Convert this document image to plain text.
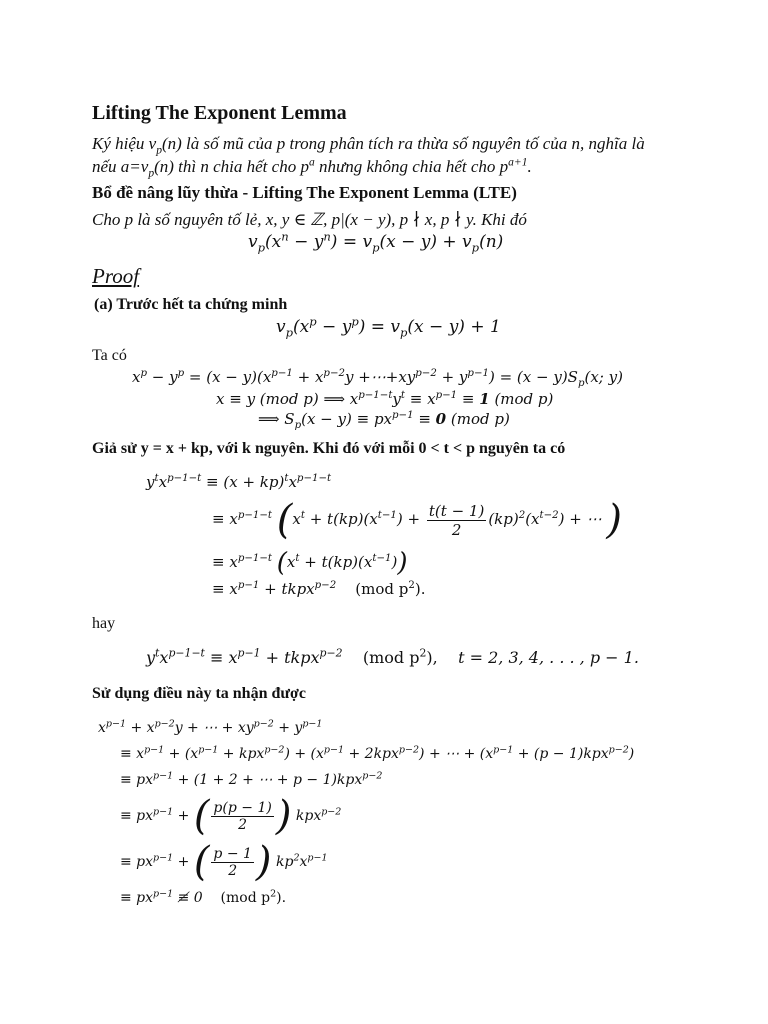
Lifting The Exponent Lemma
Ký hiệu $v_p(n)$ là số mũ của p trong phân tích ra thừa số nguyên tố của n, nghĩa là
nếu $a=v_p(n)$ thì n chia hết cho $p^a$ nhưng không chia hết cho $p^{a+1}$.
Bổ đề nâng lũy thừa - Lifting The Exponent Lemma (LTE)
Cho p là số nguyên tố lẻ, x, y ∈ ℤ, p|(x − y), p ∤ x, p ∤ y. Khi đó
$v_p(x^n - y^n) = v_p(x - y) + v_p(n)$
Proof
(a) Trước hết ta chứng minh
$v_p(x^p - y^p) = v_p(x - y) + 1$
Ta có
$x^p - y^p = (x - y)(x^{p-1} + x^{p-2}y$ $+\cdots+xy^{p-2} + y^{p-1}) = (x - y)S_p(x$; y)
x ≡ y (mod p) ⟹ $x^{p-1-t}y^t \equiv x^{p-1} \equiv 1$ (mod p)
⟹ $S_p(x - y) \equiv px^{p-1} \equiv 0$ (mod p)
Giả sử y = x + kp, với k nguyên. Khi đó với mỗi 0 < t < p nguyên ta có
$y^tx^{p-1-t} \equiv (x + kp)^tx^{p-1-t}$
≡ $x^{p-1-t}$ ($x^t + t(kp)(x^{t-1}) + \frac{t(t - 1)}{2} (kp)^2(x^{t-2})$ + ⋯ )
≡ $x^{p-1-t}$ $(x^t + t(kp)(x^{t-1}))$
≡ $x^{p-1}$ + tkpx$^{p-2}$ (mod $p^2$).
hay
$y^tx^{p-1-t} \equiv x^{p-1}$ + tkpx$^{p-2}$ (mod $p^2$), t = 2, 3, 4, . . . , p − 1.
Sử dụng điều này ta nhận được
$x^{p-1} + x^{p-2}y$ + ⋯ + $xy^{p-2} + y^{p-1}$
≡ $x^{p-1} + (x^{p-1} + kpx^{p-2}) + (x^{p-1} + 2kpx^{p-2})$ + ⋯ + $(x^{p-1} + (p - 1)kpx^{p-2})$
≡ $px^{p-1} + (1 + 2$ + ⋯ + p − 1)kpx$^{p-2}$
≡ $px^{p-1}$ + ( $\frac{p(p - 1)}{2}$ ) kpx$^{p-2}$
≡ $px^{p-1}$ + ( $\frac{p - 1}{2}$ ) $kp^2x^{p-1}$
≡ $px^{p-1}$ ≢ 0    (mod $p^2$).
